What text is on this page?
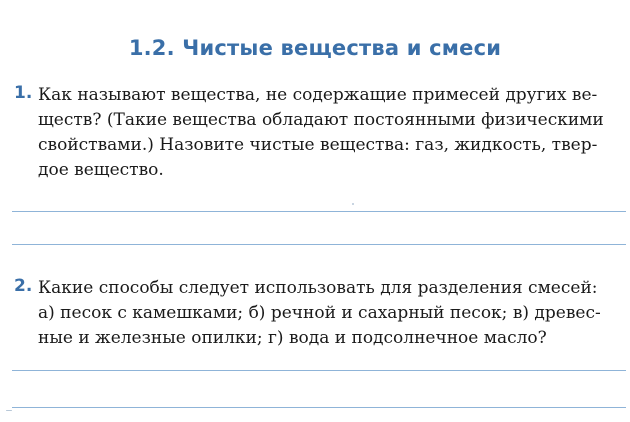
1.2. Чистые вещества и смеси
1. Как называют вещества, не содержащие примесей других ве-
ществ? (Такие вещества обладают постоянными физическими
свойствами.) Назовите чистые вещества: газ, жидкость, твер-
дое вещество.
2. Какие способы следует использовать для разделения смесей:
а) песок с камешками; б) речной и сахарный песок; в) древес-
ные и железные опилки; г) вода и подсолнечное масло?
